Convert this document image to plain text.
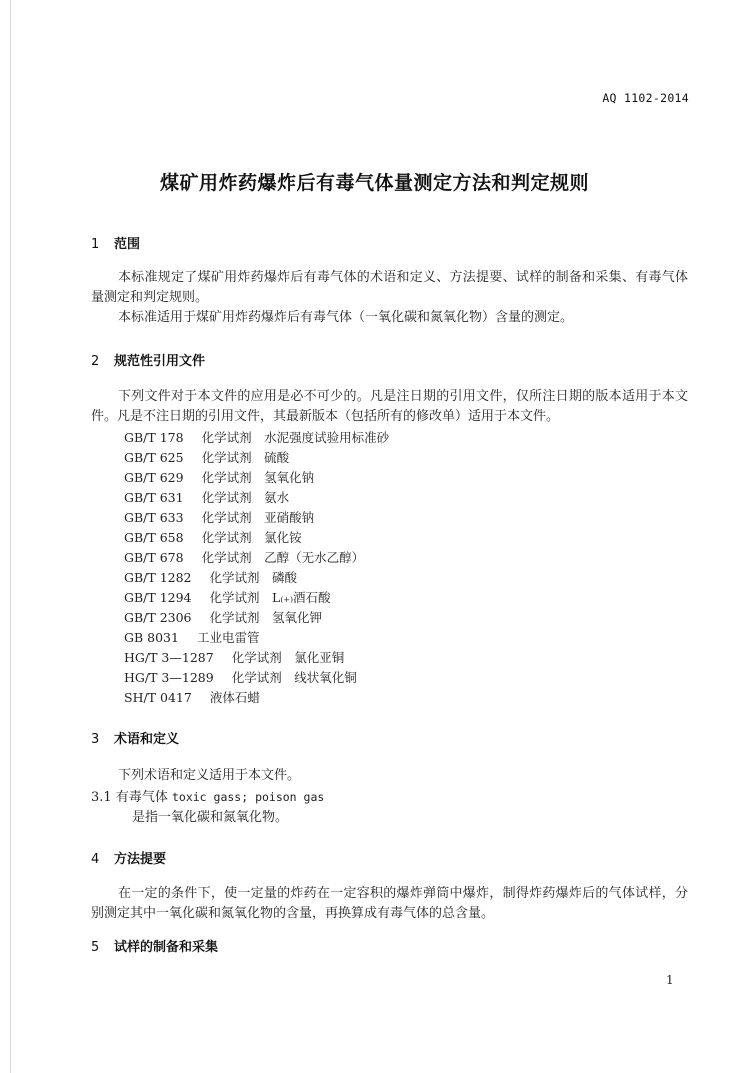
AQ 1102-2014
煤矿用炸药爆炸后有毒气体量测定方法和判定规则
1 范围

本标准规定了煤矿用炸药爆炸后有毒气体的术语和定义、方法提要、试样的制备和采集、有毒气体量测定和判定规则。

本标准适用于煤矿用炸药爆炸后有毒气体（一氧化碳和氮氧化物）含量的测定。

2 规范性引用文件

下列文件对于本文件的应用是必不可少的。凡是注日期的引用文件，仅所注日期的版本适用于本文件。凡是不注日期的引用文件，其最新版本（包括所有的修改单）适用于本文件。

GB/T 178 化学试剂　水泥强度试验用标准砂
GB/T 625 化学试剂　硫酸
GB/T 629 化学试剂　氢氧化钠
GB/T 631 化学试剂　氨水
GB/T 633 化学试剂　亚硝酸钠
GB/T 658 化学试剂　氯化铵
GB/T 678 化学试剂　乙醇（无水乙醇）
GB/T 1282 化学试剂　磷酸
GB/T 1294 化学试剂　L₍₊₎酒石酸
GB/T 2306 化学试剂　氢氧化钾
GB 8031 工业电雷管
HG/T 3—1287 化学试剂　氯化亚铜
HG/T 3—1289 化学试剂　线状氧化铜
SH/T 0417 液体石蜡
3 术语和定义

下列术语和定义适用于本文件。

3.1 有毒气体 toxic gass; poison gas
是指一氧化碳和氮氧化物。
4 方法提要

在一定的条件下，使一定量的炸药在一定容积的爆炸弹筒中爆炸，制得炸药爆炸后的气体试样，分别测定其中一氧化碳和氮氧化物的含量，再换算成有毒气体的总含量。

5 试样的制备和采集
1
